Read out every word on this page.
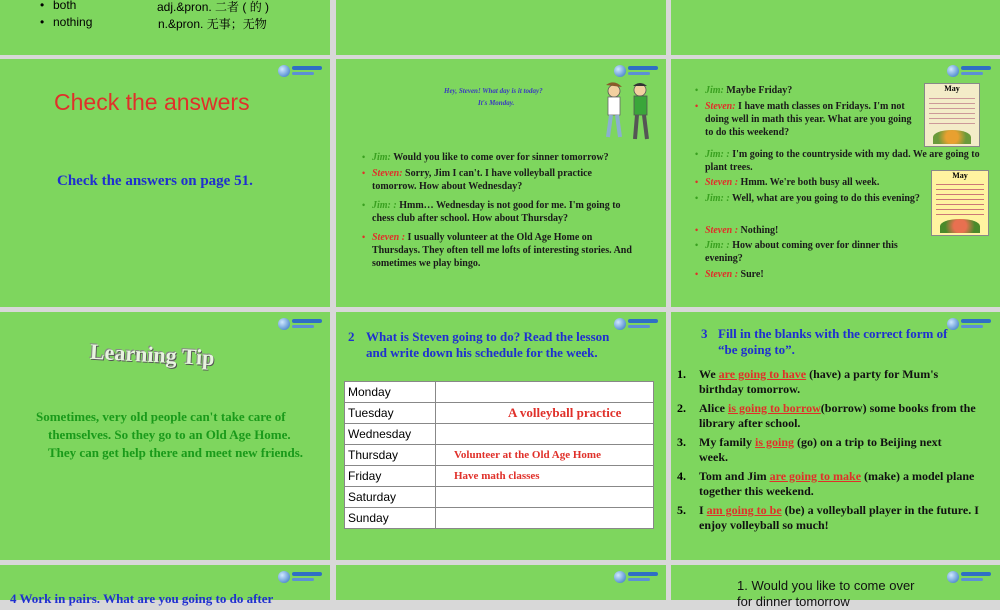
• both	adj.&pron. 二者 ( 的 )
• nothing	n.&pron. 无事；无物
Check the answers
Check the answers on page 51.
Hey, Steven! What day is it today?
It's Monday.
• Jim: Would you like to come over for sinner tomorrow?
• Steven: Sorry, Jim I can't. I have volleyball practice tomorrow. How about Wednesday?
• Jim: : Hmm… Wednesday is not good for me. I'm going to chess club after school. How about Thursday?
• Steven : I usually volunteer at the Old Age Home on Thursdays. They often tell me lofts of interesting stories. And sometimes we play bingo.
May
May
• Jim: Maybe Friday?
• Steven: I have math classes on Fridays. I'm not doing well in math this year. What are you going to do this weekend?
• Jim: : I'm going to the countryside with my dad. We are going to plant trees.
• Steven : Hmm. We're both busy all week.
• Jim: : Well, what are you going to do this evening?
• Steven : Nothing!
• Jim: : How about coming over for dinner this evening?
• Steven : Sure!
Learning Tip
Sometimes, very old people can't take care of themselves. So they go to an Old Age Home. They can get help there and meet new friends.
2 What is Steven going to do? Read the lesson and write down his schedule for the week.
Monday	
Tuesday	A volleyball practice
Wednesday	
Thursday	Volunteer at the Old Age Home
Friday	Have math classes
Saturday	
Sunday	
3 Fill in the blanks with the correct form of “be going to”.
1. We are going to have (have) a party for Mum's birthday tomorrow.
2. Alice is going to borrow(borrow) some books from the library after school.
3. My family is going (go) on a trip to Beijing next week.
4. Tom and Jim are going to make (make) a model plane together this weekend.
5. I am going to be (be) a volleyball player in the future. I enjoy volleyball so much!
4 Work in pairs. What are you going to do after
1. Would you like to come over for dinner tomorrow
